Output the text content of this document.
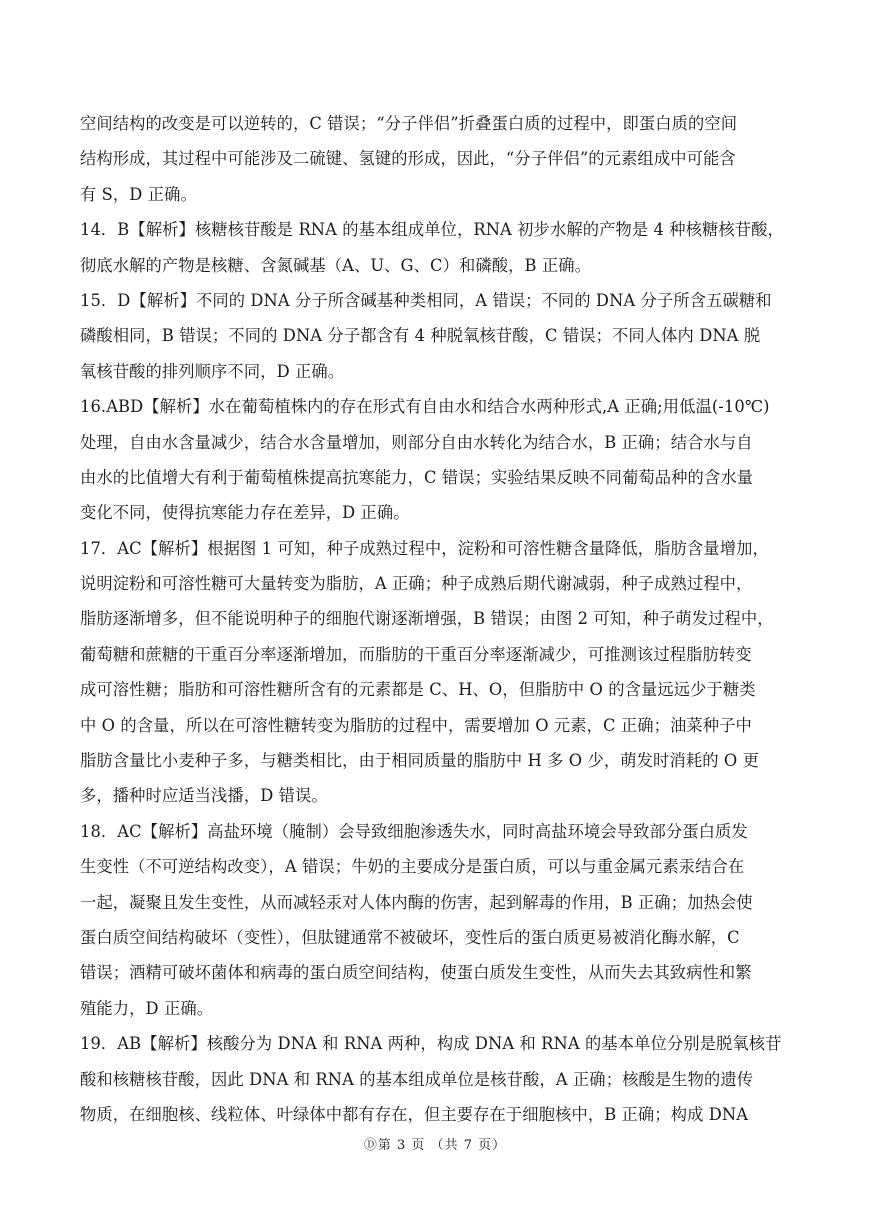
空间结构的改变是可以逆转的，C 错误；“分子伴侣”折叠蛋白质的过程中，即蛋白质的空间
结构形成，其过程中可能涉及二硫键、氢键的形成，因此，“分子伴侣”的元素组成中可能含
有 S，D 正确。
14．B【解析】核糖核苷酸是 RNA 的基本组成单位，RNA 初步水解的产物是 4 种核糖核苷酸，
彻底水解的产物是核糖、含氮碱基（A、U、G、C）和磷酸，B 正确。
15．D【解析】不同的 DNA 分子所含碱基种类相同，A 错误；不同的 DNA 分子所含五碳糖和
磷酸相同，B 错误；不同的 DNA 分子都含有 4 种脱氧核苷酸，C 错误；不同人体内 DNA 脱
氧核苷酸的排列顺序不同，D 正确。
16.ABD【解析】水在葡萄植株内的存在形式有自由水和结合水两种形式,A 正确;用低温(-10℃)
处理，自由水含量减少，结合水含量增加，则部分自由水转化为结合水，B 正确；结合水与自
由水的比值增大有利于葡萄植株提高抗寒能力，C 错误；实验结果反映不同葡萄品种的含水量
变化不同，使得抗寒能力存在差异，D 正确。
17．AC【解析】根据图 1 可知，种子成熟过程中，淀粉和可溶性糖含量降低，脂肪含量增加，
说明淀粉和可溶性糖可大量转变为脂肪，A 正确；种子成熟后期代谢减弱，种子成熟过程中，
脂肪逐渐增多，但不能说明种子的细胞代谢逐渐增强，B 错误；由图 2 可知，种子萌发过程中，
葡萄糖和蔗糖的干重百分率逐渐增加，而脂肪的干重百分率逐渐减少，可推测该过程脂肪转变
成可溶性糖；脂肪和可溶性糖所含有的元素都是 C、H、O，但脂肪中 O 的含量远远少于糖类
中 O 的含量，所以在可溶性糖转变为脂肪的过程中，需要增加 O 元素，C 正确；油菜种子中
脂肪含量比小麦种子多，与糖类相比，由于相同质量的脂肪中 H 多 O 少，萌发时消耗的 O 更
多，播种时应适当浅播，D 错误。
18．AC【解析】高盐环境（腌制）会导致细胞渗透失水，同时高盐环境会导致部分蛋白质发
生变性（不可逆结构改变），A 错误；牛奶的主要成分是蛋白质，可以与重金属元素汞结合在
一起，凝聚且发生变性，从而减轻汞对人体内酶的伤害，起到解毒的作用，B 正确；加热会使
蛋白质空间结构破坏（变性），但肽键通常不被破坏，变性后的蛋白质更易被消化酶水解，C
错误；酒精可破坏菌体和病毒的蛋白质空间结构，使蛋白质发生变性，从而失去其致病性和繁
殖能力，D 正确。
19．AB【解析】核酸分为 DNA 和 RNA 两种，构成 DNA 和 RNA 的基本单位分别是脱氧核苷
酸和核糖核苷酸，因此 DNA 和 RNA 的基本组成单位是核苷酸，A 正确；核酸是生物的遗传
物质，在细胞核、线粒体、叶绿体中都有存在，但主要存在于细胞核中，B 正确；构成 DNA
Ⓓ第 3 页 （共 7 页）
